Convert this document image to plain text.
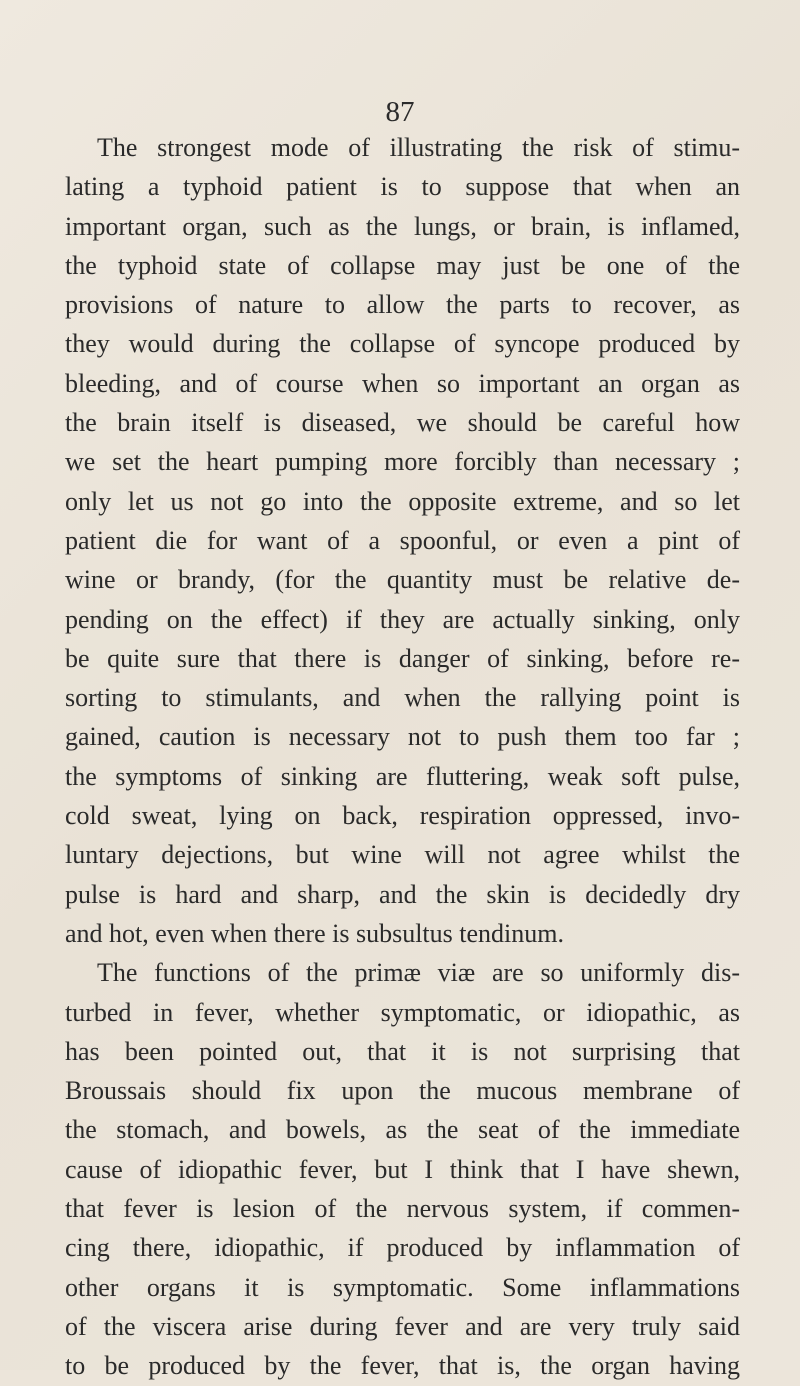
87
The strongest mode of illustrating the risk of stimu-
lating a typhoid patient is to suppose that when an
important organ, such as the lungs, or brain, is inflamed,
the typhoid state of collapse may just be one of the
provisions of nature to allow the parts to recover, as
they would during the collapse of syncope produced by
bleeding, and of course when so important an organ as
the brain itself is diseased, we should be careful how
we set the heart pumping more forcibly than necessary ;
only let us not go into the opposite extreme, and so let
patient die for want of a spoonful, or even a pint of
wine or brandy, (for the quantity must be relative de-
pending on the effect) if they are actually sinking, only
be quite sure that there is danger of sinking, before re-
sorting to stimulants, and when the rallying point is
gained, caution is necessary not to push them too far ;
the symptoms of sinking are fluttering, weak soft pulse,
cold sweat, lying on back, respiration oppressed, invo-
luntary dejections, but wine will not agree whilst the
pulse is hard and sharp, and the skin is decidedly dry
and hot, even when there is subsultus tendinum.
The functions of the primæ viæ are so uniformly dis-
turbed in fever, whether symptomatic, or idiopathic, as
has been pointed out, that it is not surprising that
Broussais should fix upon the mucous membrane of
the stomach, and bowels, as the seat of the immediate
cause of idiopathic fever, but I think that I have shewn,
that fever is lesion of the nervous system, if commen-
cing there, idiopathic, if produced by inflammation of
other organs it is symptomatic. Some inflammations
of the viscera arise during fever and are very truly said
to be produced by the fever, that is, the organ having
